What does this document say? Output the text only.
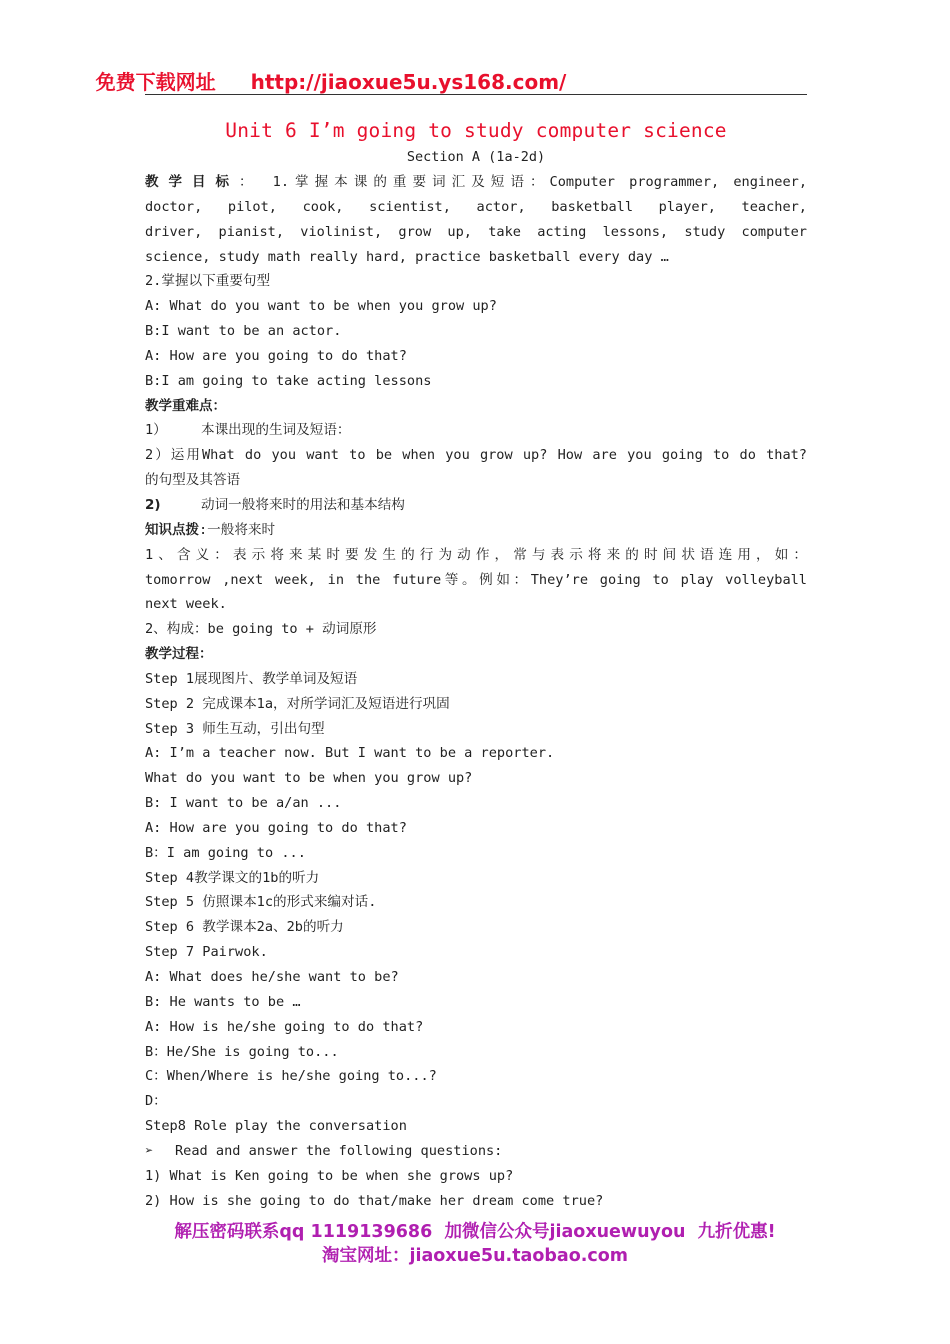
免费下载网址 http://jiaoxue5u.ys168.com/
Unit 6 I’m going to study computer science
Section A (1a-2d)
教学目标： 1.掌握本课的重要词汇及短语：Computer programmer, engineer,
doctor, pilot, cook, scientist, actor, basketball player, teacher,
driver, pianist, violinist, grow up, take acting lessons, study computer
science, study math really hard, practice basketball every day …
2.掌握以下重要句型
A: What do you want to be when you grow up?
B:I want to be an actor.
A: How are you going to do that?
B:I am going to take acting lessons
教学重难点：
1）	本课出现的生词及短语：
2）运用What do you want to be when you grow up? How are you going to do that?
的句型及其答语
2)	动词一般将来时的用法和基本结构
知识点拨:一般将来时
1、含义：表示将来某时要发生的行为动作，常与表示将来的时间状语连用，如：
tomorrow ,next week, in the future等。例如：They’re going to play volleyball
next week.
2、构成：be going to + 动词原形
教学过程：
Step 1展现图片、教学单词及短语
Step 2 完成课本1a，对所学词汇及短语进行巩固
Step 3 师生互动，引出句型
A: I’m a teacher now. But I want to be a reporter.
What do you want to be when you grow up?
B: I want to be a/an ...
A: How are you going to do that?
B：I am going to ...
Step 4教学课文的1b的听力
Step 5 仿照课本1c的形式来编对话.
Step 6 教学课本2a、2b的听力
Step 7 Pairwok.
A: What does he/she want to be?
B: He wants to be …
A: How is he/she going to do that?
B：He/She is going to...
C：When/Where is he/she going to...?
D：
Step8 Role play the conversation
➢ Read and answer the following questions:
1) What is Ken going to be when she grows up?
2) How is she going to do that/make her dream come true?
解压密码联系qq 1119139686 加微信公众号jiaoxuewuyou 九折优惠!
淘宝网址：jiaoxue5u.taobao.com
